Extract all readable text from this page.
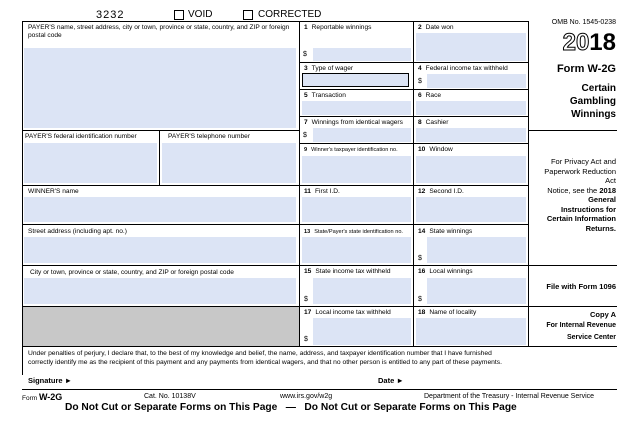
3232	VOID	CORRECTED
PAYER'S name, street address, city or town, province or state, country, and ZIP or foreign postal code
PAYER'S federal identification number	PAYER'S telephone number
WINNER'S name
Street address (including apt. no.)
City or town, province or state, country, and ZIP or foreign postal code
1 Reportable winnings
$
2 Date won
3 Type of wager	4 Federal income tax withheld
$
5 Transaction	6 Race
7 Winnings from identical wagers
$
8 Cashier
9 Winner's taxpayer identification no.	10 Window
11 First I.D.	12 Second I.D.
13 State/Payer's state identification no. 14 State winnings
$
15 State income tax withheld
$
16 Local winnings
$
17 Local income tax withheld
$
18 Name of locality
OMB No. 1545-0238
2018
Form W-2G
Certain
Gambling
Winnings
For Privacy Act and
Paperwork Reduction
Act
Notice, see the 2018
General
Instructions for
Certain Information
Returns.
File with Form 1096
Copy A
For Internal Revenue
Service Center
Under penalties of perjury, I declare that, to the best of my knowledge and belief, the name, address, and taxpayer identification number that I have furnished
correctly identify me as the recipient of this payment and any payments from identical wagers, and that no other person is entitled to any part of these payments.
Signature ►	Date ►
Form W-2G	Cat. No. 10138V	www.irs.gov/w2g	Department of the Treasury - Internal Revenue Service
Do Not Cut or Separate Forms on This Page   —   Do Not Cut or Separate Forms on This Page
